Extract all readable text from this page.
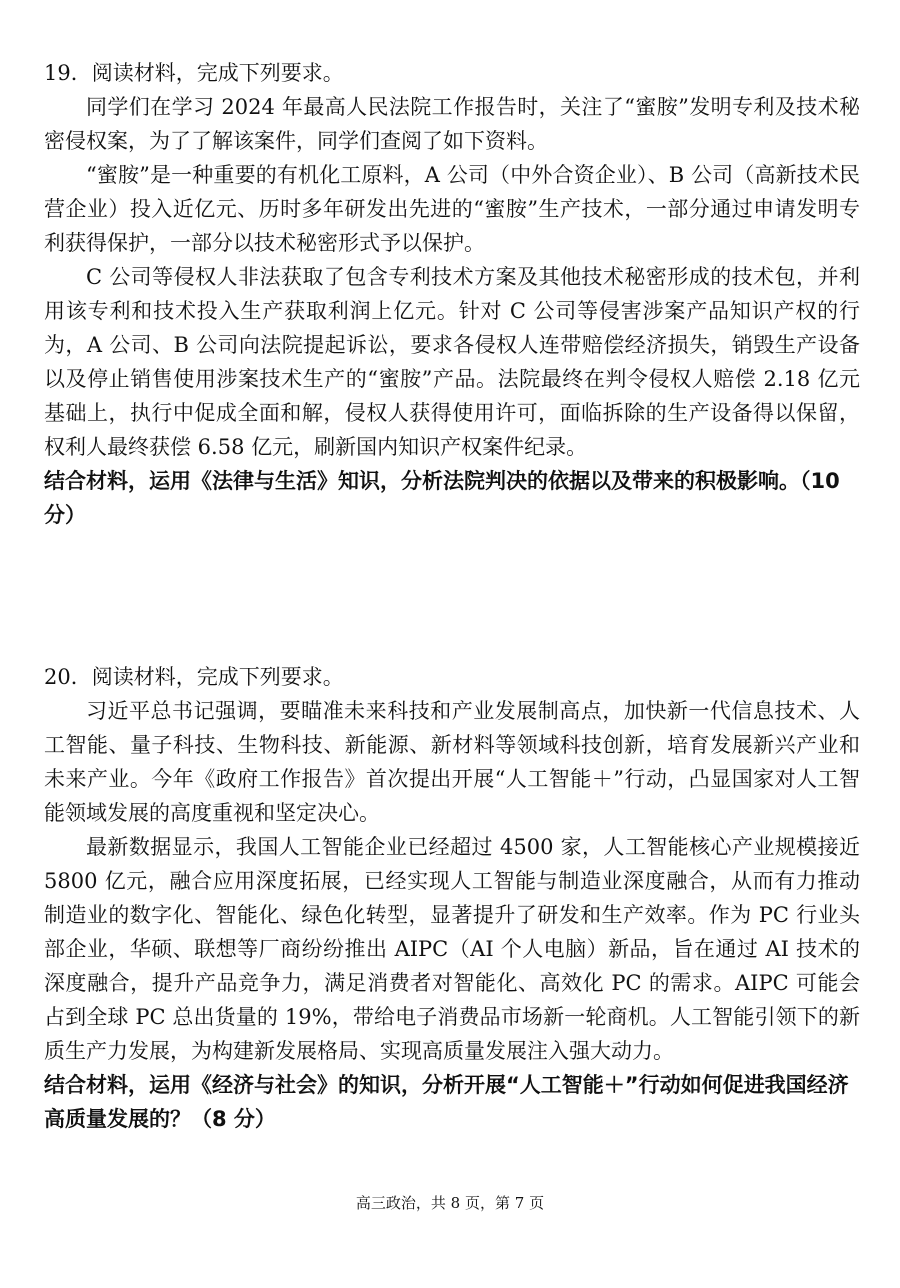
19．阅读材料，完成下列要求。

同学们在学习 2024 年最高人民法院工作报告时，关注了“蜜胺”发明专利及技术秘密侵权案，为了了解该案件，同学们查阅了如下资料。

“蜜胺”是一种重要的有机化工原料，A 公司（中外合资企业）、B 公司（高新技术民营企业）投入近亿元、历时多年研发出先进的“蜜胺”生产技术，一部分通过申请发明专利获得保护，一部分以技术秘密形式予以保护。

C 公司等侵权人非法获取了包含专利技术方案及其他技术秘密形成的技术包，并利用该专利和技术投入生产获取利润上亿元。针对 C 公司等侵害涉案产品知识产权的行为，A 公司、B 公司向法院提起诉讼，要求各侵权人连带赔偿经济损失，销毁生产设备以及停止销售使用涉案技术生产的“蜜胺”产品。法院最终在判令侵权人赔偿 2.18 亿元基础上，执行中促成全面和解，侵权人获得使用许可，面临拆除的生产设备得以保留，权利人最终获偿 6.58 亿元，刷新国内知识产权案件纪录。

结合材料，运用《法律与生活》知识，分析法院判决的依据以及带来的积极影响。（10 分）

20．阅读材料，完成下列要求。

习近平总书记强调，要瞄准未来科技和产业发展制高点，加快新一代信息技术、人工智能、量子科技、生物科技、新能源、新材料等领域科技创新，培育发展新兴产业和未来产业。今年《政府工作报告》首次提出开展“人工智能＋”行动，凸显国家对人工智能领域发展的高度重视和坚定决心。

最新数据显示，我国人工智能企业已经超过 4500 家，人工智能核心产业规模接近 5800 亿元，融合应用深度拓展，已经实现人工智能与制造业深度融合，从而有力推动制造业的数字化、智能化、绿色化转型，显著提升了研发和生产效率。作为 PC 行业头部企业，华硕、联想等厂商纷纷推出 AIPC（AI 个人电脑）新品，旨在通过 AI 技术的深度融合，提升产品竞争力，满足消费者对智能化、高效化 PC 的需求。AIPC 可能会占到全球 PC 总出货量的 19%，带给电子消费品市场新一轮商机。人工智能引领下的新质生产力发展，为构建新发展格局、实现高质量发展注入强大动力。

结合材料，运用《经济与社会》的知识，分析开展“人工智能＋”行动如何促进我国经济高质量发展的？（8 分）

高三政治，共 8 页，第 7 页
